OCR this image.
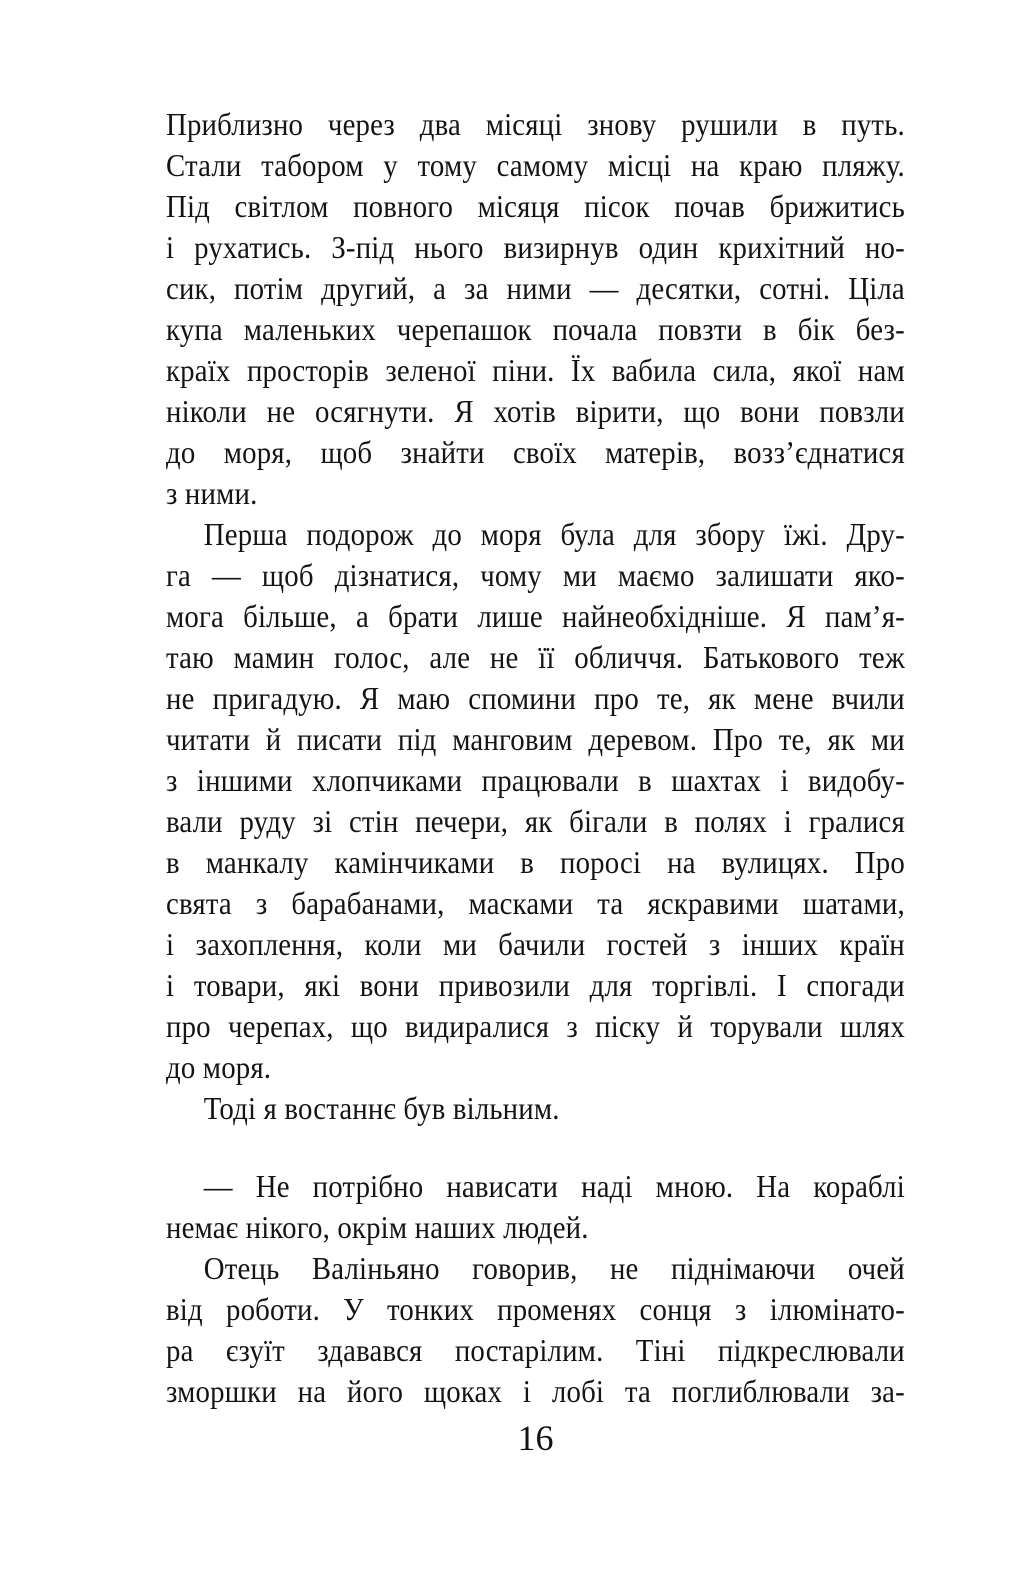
Приблизно через два місяці знову рушили в путь.
Стали табором у тому самому місці на краю пляжу.
Під світлом повного місяця пісок почав брижитись
і рухатись. З-під нього визирнув один крихітний но-
сик, потім другий, а за ними — десятки, сотні. Ціла
купа маленьких черепашок почала повзти в бік без-
країх просторів зеленої піни. Їх вабила сила, якої нам
ніколи не осягнути. Я хотів вірити, що вони повзли
до моря, щоб знайти своїх матерів, возз’єднатися
з ними.

Перша подорож до моря була для збору їжі. Дру-
га — щоб дізнатися, чому ми маємо залишати яко-
мога більше, а брати лише найнеобхідніше. Я пам’я-
таю мамин голос, але не її обличчя. Батькового теж
не пригадую. Я маю спомини про те, як мене вчили
читати й писати під манговим деревом. Про те, як ми
з іншими хлопчиками працювали в шахтах і видобу-
вали руду зі стін печери, як бігали в полях і гралися
в манкалу камінчиками в поросі на вулицях. Про
свята з барабанами, масками та яскравими шатами,
і захоплення, коли ми бачили гостей з інших країн
і товари, які вони привозили для торгівлі. І спогади
про черепах, що видиралися з піску й торували шлях
до моря.

Тоді я востаннє був вільним.

— Не потрібно нависати наді мною. На кораблі
немає нікого, окрім наших людей.

Отець Валіньяно говорив, не піднімаючи очей
від роботи. У тонких променях сонця з ілюмінато-
ра єзуїт здавався постарілим. Тіні підкреслювали
зморшки на його щоках і лобі та поглиблювали за-

16
